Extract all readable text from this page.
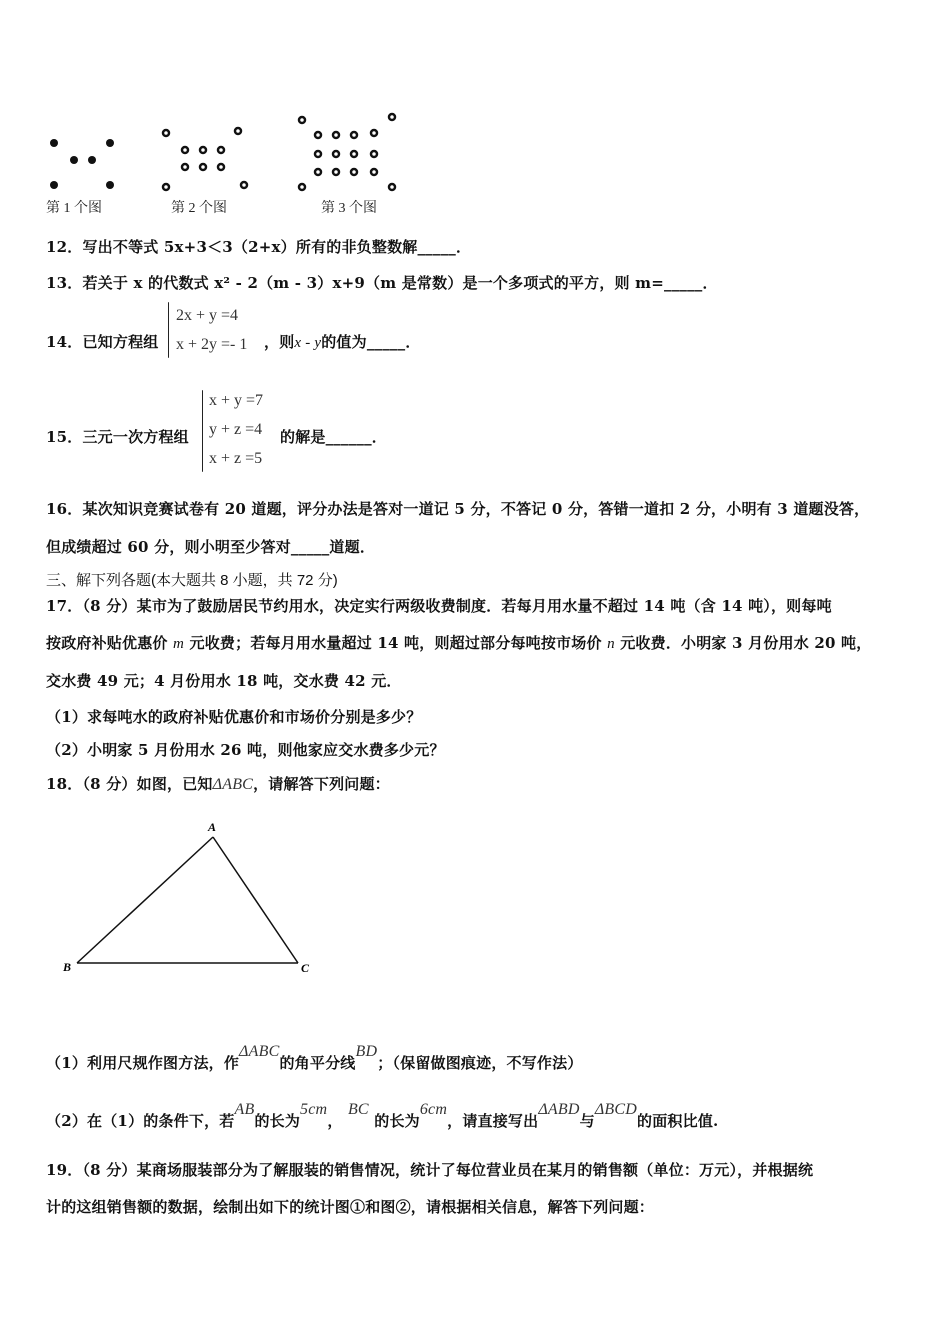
第 1 个图	第 2 个图	第 3 个图
12．写出不等式 5x+3＜3（2+x）所有的非负整数解_____．
13．若关于 x 的代数式 x² - 2（m - 3）x+9（m 是常数）是一个多项式的平方，则 m=_____．
14．已知方程组
2x + y =4
x + 2y =- 1 ，则x - y的值为_____．
15．三元一次方程组
x + y =7
y + z =4
x + z =5
的解是______．
16．某次知识竞赛试卷有 20 道题，评分办法是答对一道记 5 分，不答记 0 分，答错一道扣 2 分，小明有 3 道题没答，
但成绩超过 60 分，则小明至少答对_____道题．
三、解下列各题(本大题共 8 小题，共 72 分)
17．（8 分）某市为了鼓励居民节约用水，决定实行两级收费制度．若每月用水量不超过 14 吨（含 14 吨），则每吨
按政府补贴优惠价 m 元收费；若每月用水量超过 14 吨，则超过部分每吨按市场价 n 元收费．小明家 3 月份用水 20 吨，
交水费 49 元；4 月份用水 18 吨，交水费 42 元．
（1）求每吨水的政府补贴优惠价和市场价分别是多少？
（2）小明家 5 月份用水 26 吨，则他家应交水费多少元？
18．（8 分）如图，已知ΔABC，请解答下列问题：
A
B	C
（1）利用尺规作图方法，作ΔABC的角平分线BD；（保留做图痕迹，不写作法）
（2）在（1）的条件下，若AB的长为5cm， BC 的长为6cm，请直接写出ΔABD与ΔBCD的面积比值.
19．（8 分）某商场服装部分为了解服装的销售情况，统计了每位营业员在某月的销售额（单位：万元），并根据统
计的这组销售额的数据，绘制出如下的统计图①和图②，请根据相关信息，解答下列问题：
